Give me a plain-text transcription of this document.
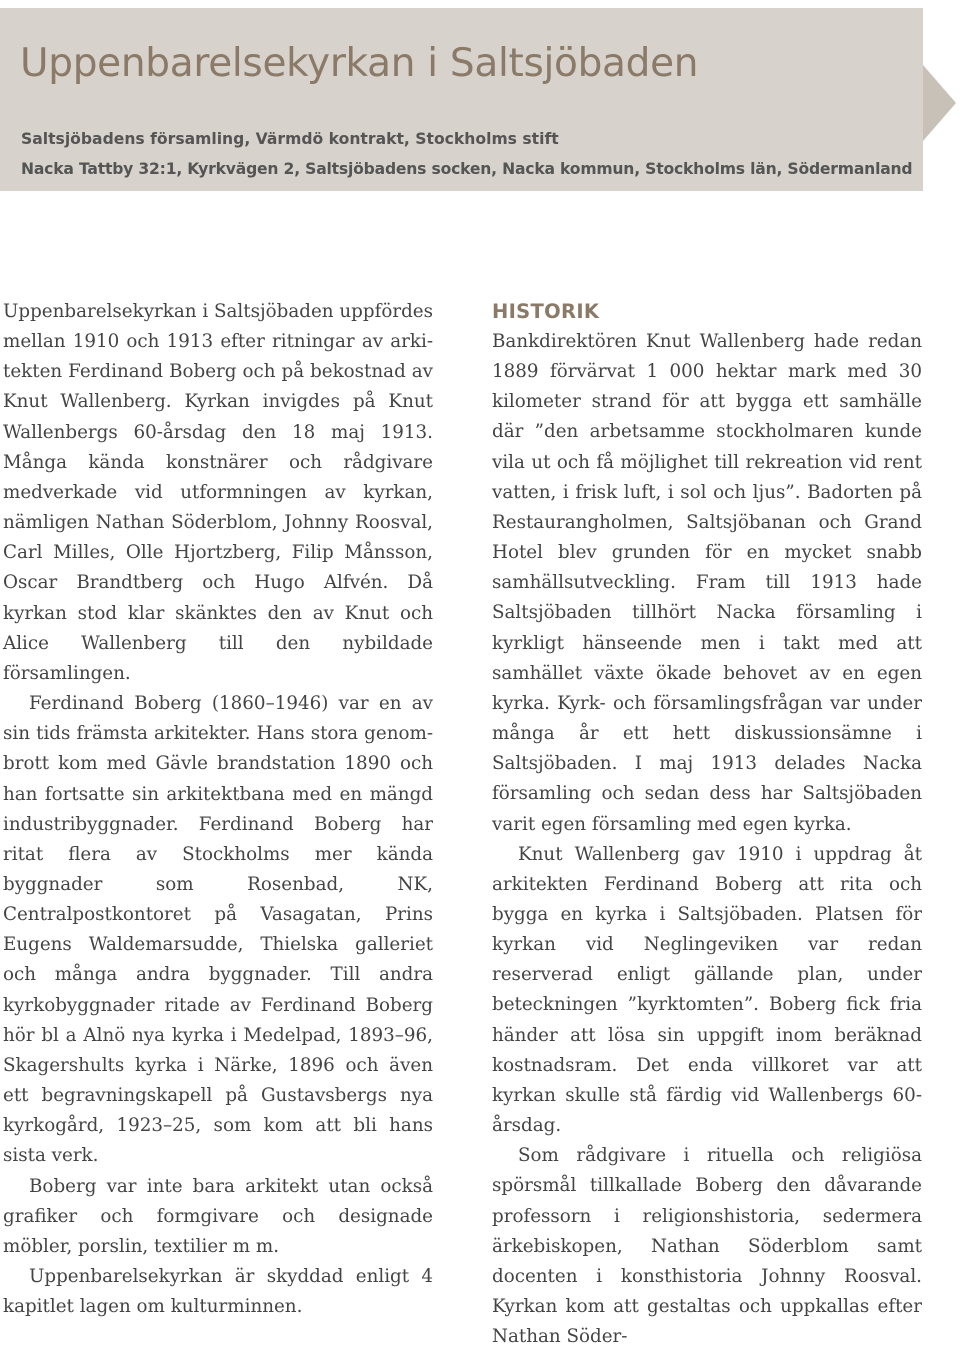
Uppenbarelsekyrkan i Saltsjöbaden

Saltsjöbadens församling, Värmdö kontrakt, Stockholms stift

Nacka Tattby 32:1, Kyrkvägen 2, Saltsjöbadens socken, Nacka kommun, Stockholms län, Södermanland

Uppenbarelsekyrkan i Saltsjöbaden uppfördes mellan 1910 och 1913 efter ritningar av arkitekten Ferdinand Boberg och på bekostnad av Knut Wallenberg. Kyrkan invigdes på Knut Wallenbergs 60-årsdag den 18 maj 1913. Många kända konstnärer och rådgivare medverkade vid utformningen av kyrkan, nämligen Nathan Söderblom, Johnny Roosval, Carl Milles, Olle Hjortzberg, Filip Månsson, Oscar Brandtberg och Hugo Alfvén. Då kyrkan stod klar skänktes den av Knut och Alice Wallenberg till den nybildade församlingen.

Ferdinand Boberg (1860–1946) var en av sin tids främsta arkitekter. Hans stora genombrott kom med Gävle brandstation 1890 och han fortsatte sin arkitektbana med en mängd industribyggnader. Ferdinand Boberg har ritat flera av Stockholms mer kända byggnader som Rosenbad, NK, Centralpostkontoret på Vasagatan, Prins Eugens Waldemarsudde, Thielska galleriet och många andra byggnader. Till andra kyrkobyggnader ritade av Ferdinand Boberg hör bl a Alnö nya kyrka i Medelpad, 1893–96, Skagershults kyrka i Närke, 1896 och även ett begravningskapell på Gustavsbergs nya kyrkogård, 1923–25, som kom att bli hans sista verk.

Boberg var inte bara arkitekt utan också grafiker och formgivare och designade möbler, porslin, textilier m m.

Uppenbarelsekyrkan är skyddad enligt 4 kapitlet lagen om kulturminnen.

HISTORIK

Bankdirektören Knut Wallenberg hade redan 1889 förvärvat 1 000 hektar mark med 30 kilometer strand för att bygga ett samhälle där ”den arbetsamme stockholmaren kunde vila ut och få möjlighet till rekreation vid rent vatten, i frisk luft, i sol och ljus”. Badorten på Restaurangholmen, Saltsjöbanan och Grand Hotel blev grunden för en mycket snabb samhällsutveckling. Fram till 1913 hade Saltsjöbaden tillhört Nacka församling i kyrkligt hänseende men i takt med att samhället växte ökade behovet av en egen kyrka. Kyrk- och församlingsfrågan var under många år ett hett diskussionsämne i Saltsjöbaden. I maj 1913 delades Nacka församling och sedan dess har Saltsjöbaden varit egen församling med egen kyrka.

Knut Wallenberg gav 1910 i uppdrag åt arkitekten Ferdinand Boberg att rita och bygga en kyrka i Saltsjöbaden. Platsen för kyrkan vid Neglingeviken var redan reserverad enligt gällande plan, under beteckningen ”kyrktomten”. Boberg fick fria händer att lösa sin uppgift inom beräknad kostnadsram. Det enda villkoret var att kyrkan skulle stå färdig vid Wallenbergs 60-årsdag.

Som rådgivare i rituella och religiösa spörsmål tillkallade Boberg den dåvarande professorn i religionshistoria, sedermera ärkebiskopen, Nathan Söderblom samt docenten i konsthistoria Johnny Roosval. Kyrkan kom att gestaltas och uppkallas efter Nathan Söder-
